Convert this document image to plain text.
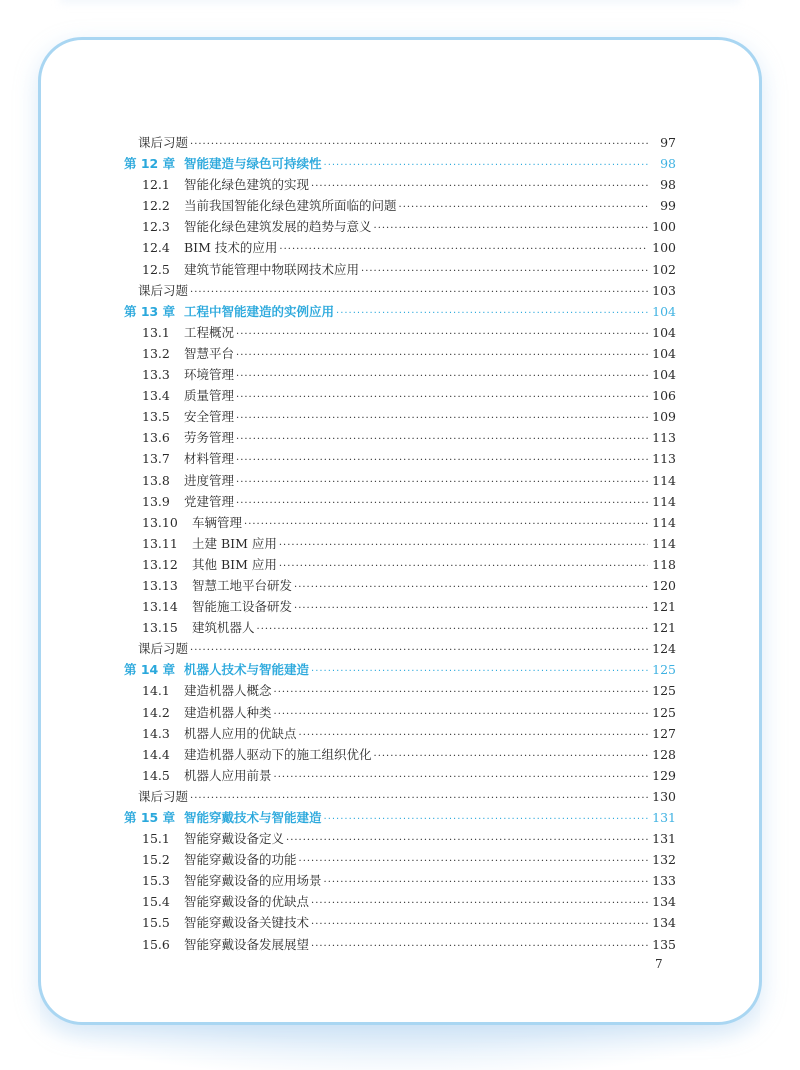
课后习题 ·····	97
第 12 章 智能建造与绿色可持续性 ·····	98
12.1	智能化绿色建筑的实现 ·····	98
12.2	当前我国智能化绿色建筑所面临的问题 ·····	99
12.3	智能化绿色建筑发展的趋势与意义 ·····	100
12.4	BIM 技术的应用 ·····	100
12.5	建筑节能管理中物联网技术应用 ·····	102
课后习题 ·····	103
第 13 章 工程中智能建造的实例应用 ·····	104
13.1	工程概况 ·····	104
13.2	智慧平台 ·····	104
13.3	环境管理 ·····	104
13.4	质量管理 ·····	106
13.5	安全管理 ·····	109
13.6	劳务管理 ·····	113
13.7	材料管理 ·····	113
13.8	进度管理 ·····	114
13.9	党建管理 ·····	114
13.10	车辆管理 ·····	114
13.11	土建 BIM 应用 ·····	114
13.12	其他 BIM 应用 ·····	118
13.13	智慧工地平台研发 ·····	120
13.14	智能施工设备研发 ·····	121
13.15	建筑机器人 ·····	121
课后习题 ·····	124
第 14 章 机器人技术与智能建造 ·····	125
14.1	建造机器人概念 ·····	125
14.2	建造机器人种类 ·····	125
14.3	机器人应用的优缺点 ·····	127
14.4	建造机器人驱动下的施工组织优化 ·····	128
14.5	机器人应用前景 ·····	129
课后习题 ·····	130
第 15 章 智能穿戴技术与智能建造 ·····	131
15.1	智能穿戴设备定义 ·····	131
15.2	智能穿戴设备的功能 ·····	132
15.3	智能穿戴设备的应用场景 ·····	133
15.4	智能穿戴设备的优缺点 ·····	134
15.5	智能穿戴设备关键技术 ·····	134
15.6	智能穿戴设备发展展望 ·····	135
7
